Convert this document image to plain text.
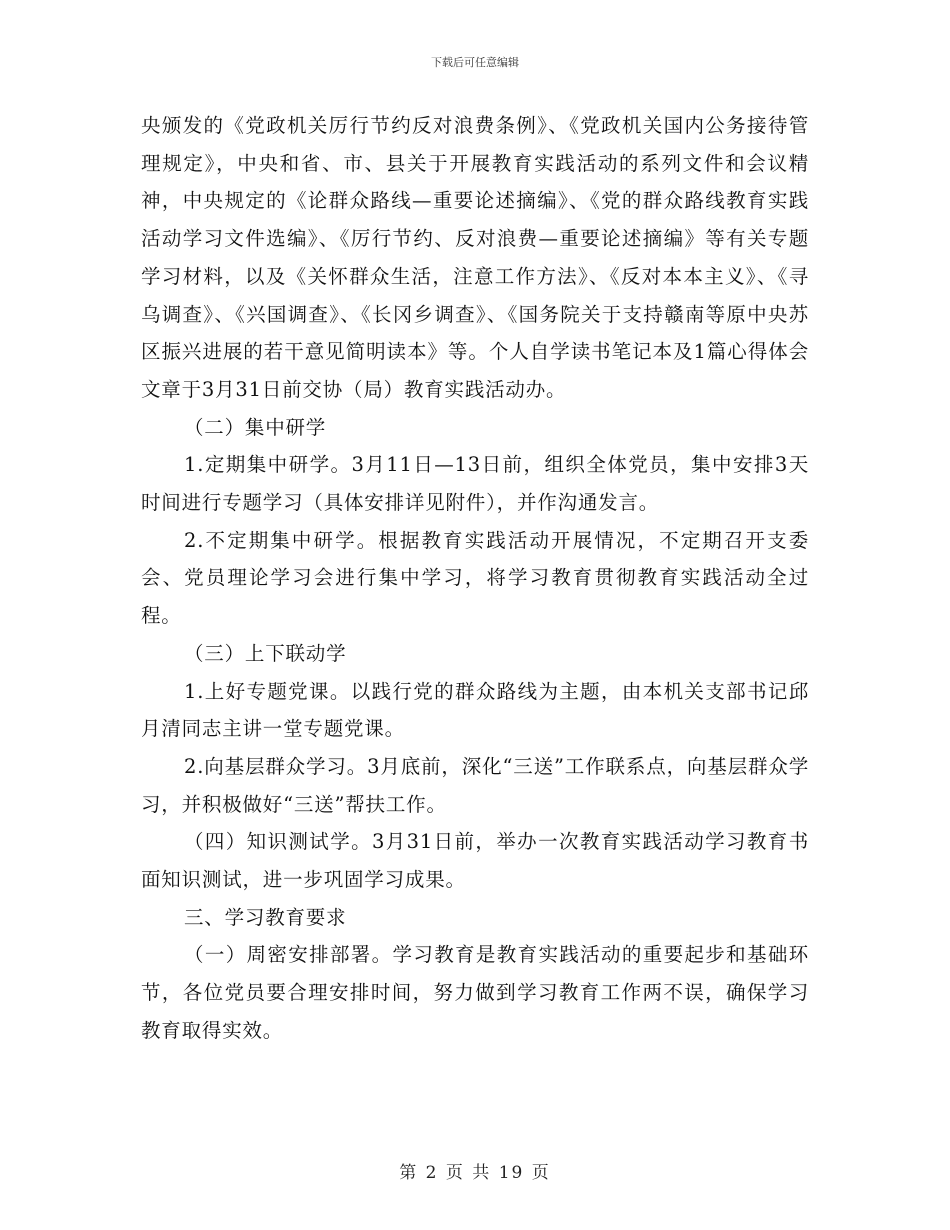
下载后可任意编辑

央颁发的《党政机关厉行节约反对浪费条例》、《党政机关国内公务接待管理规定》，中央和省、市、县关于开展教育实践活动的系列文件和会议精神，中央规定的《论群众路线—重要论述摘编》、《党的群众路线教育实践活动学习文件选编》、《厉行节约、反对浪费—重要论述摘编》等有关专题学习材料，以及《关怀群众生活，注意工作方法》、《反对本本主义》、《寻乌调查》、《兴国调查》、《长冈乡调查》、《国务院关于支持赣南等原中央苏区振兴进展的若干意见简明读本》等。个人自学读书笔记本及1篇心得体会文章于3月31日前交协（局）教育实践活动办。

（二）集中研学

1.定期集中研学。3月11日—13日前，组织全体党员，集中安排3天时间进行专题学习（具体安排详见附件），并作沟通发言。

2.不定期集中研学。根据教育实践活动开展情况，不定期召开支委会、党员理论学习会进行集中学习，将学习教育贯彻教育实践活动全过程。

（三）上下联动学

1.上好专题党课。以践行党的群众路线为主题，由本机关支部书记邱月清同志主讲一堂专题党课。

2.向基层群众学习。3月底前，深化“三送”工作联系点，向基层群众学习，并积极做好“三送”帮扶工作。

（四）知识测试学。3月31日前，举办一次教育实践活动学习教育书面知识测试，进一步巩固学习成果。

三、学习教育要求

（一）周密安排部署。学习教育是教育实践活动的重要起步和基础环节，各位党员要合理安排时间，努力做到学习教育工作两不误，确保学习教育取得实效。

第 2 页 共 19 页
